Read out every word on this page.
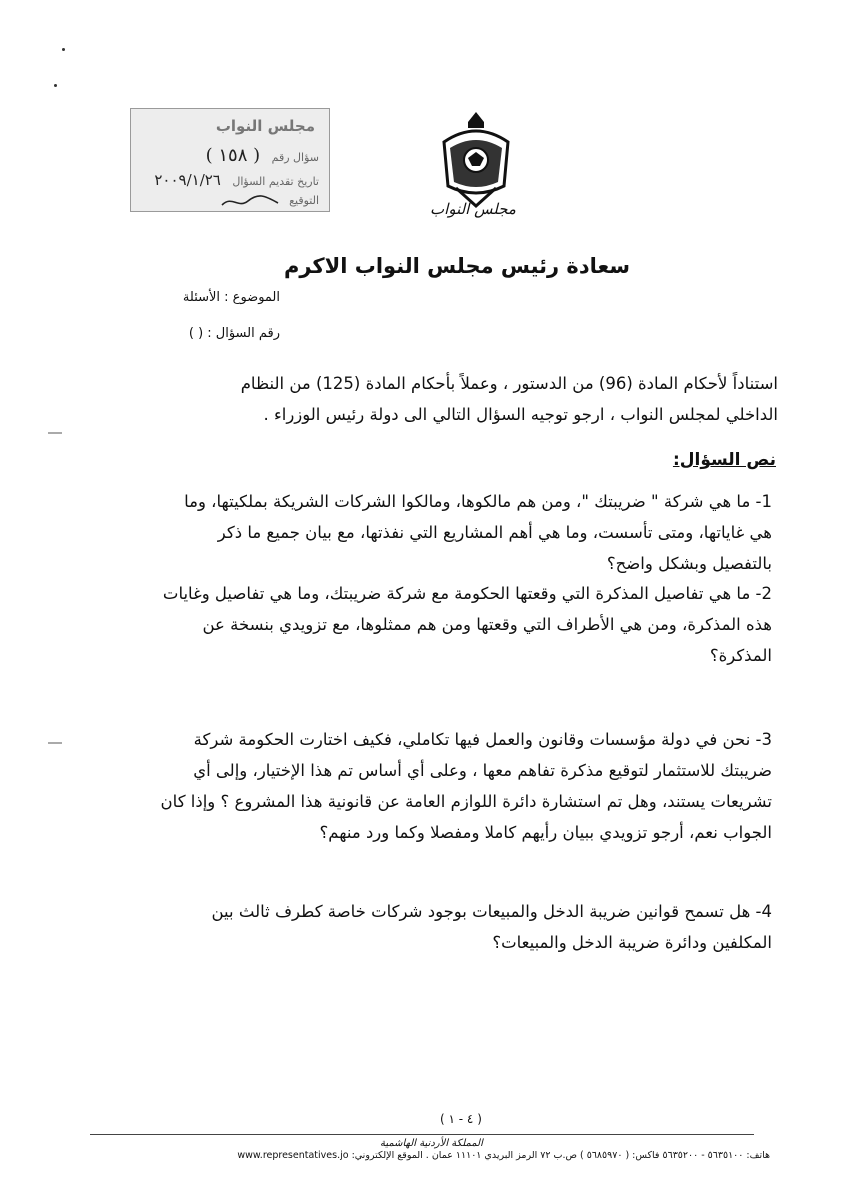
مجلس النواب
سؤال رقم ( ١٥٨ )
تاريخ تقديم السؤال ٢٠٠٩/١/٢٦
التوقيع	مجلس النواب
سعادة رئيس مجلس النواب الاكرم
الموضوع : الأسئلة
رقم السؤال : ( )
استناداً لأحكام المادة (96) من الدستور ، وعملاً بأحكام المادة (125) من النظام الداخلي لمجلس النواب ، ارجو توجيه السؤال التالي الى دولة رئيس الوزراء .
نص السؤال:
1- ما هي شركة " ضريبتك "، ومن هم مالكوها، ومالكوا الشركات الشريكة بملكيتها، وما هي غاياتها، ومتى تأسست، وما هي أهم المشاريع التي نفذتها، مع بيان جميع ما ذكر بالتفصيل وبشكل واضح؟
2- ما هي تفاصيل المذكرة التي وقعتها الحكومة مع شركة ضريبتك، وما هي تفاصيل وغايات هذه المذكرة، ومن هي الأطراف التي وقعتها ومن هم ممثلوها، مع تزويدي بنسخة عن المذكرة؟
3- نحن في دولة مؤسسات وقانون والعمل فيها تكاملي، فكيف اختارت الحكومة شركة ضريبتك للاستثمار لتوقيع مذكرة تفاهم معها ، وعلى أي أساس تم هذا الإختيار، وإلى أي تشريعات يستند، وهل تم استشارة دائرة اللوازم العامة عن قانونية هذا المشروع ؟ وإذا كان الجواب نعم، أرجو تزويدي ببيان رأيهم كاملا ومفصلا وكما ورد منهم؟
4- هل تسمح قوانين ضريبة الدخل والمبيعات بوجود شركات خاصة كطرف ثالث بين المكلفين ودائرة ضريبة الدخل والمبيعات؟
( ٤ - ١ )
المملكة الأردنية الهاشمية
هاتف: ٥٦٣٥١٠٠ - ٥٦٣٥٢٠٠ فاكس: ( ٥٦٨٥٩٧٠ ) ص.ب ٧٢ الرمز البريدي ١١١٠١ عمان . الموقع الإلكتروني: www.representatives.jo
